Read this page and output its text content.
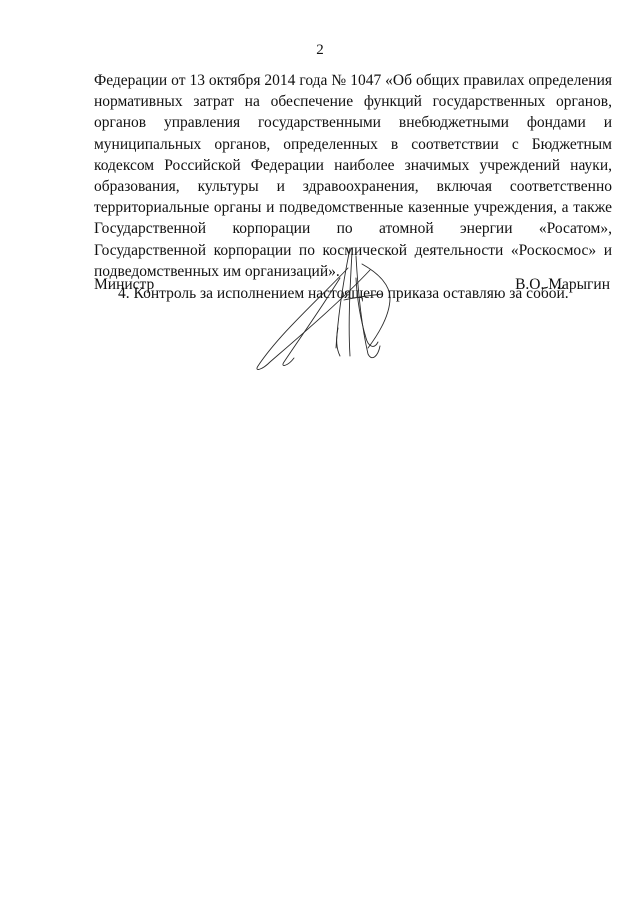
2

Федерации от 13 октября 2014 года № 1047 «Об общих правилах определения нормативных затрат на обеспечение функций государственных органов, органов управления государственными внебюджетными фондами и муниципальных органов, определенных в соответствии с Бюджетным кодексом Российской Федерации наиболее значимых учреждений науки, образования, культуры и здравоохранения, включая соответственно территориальные органы и подведомственные казенные учреждения, а также Государственной корпорации по атомной энергии «Росатом», Государственной корпорации по космической деятельности «Роскосмос» и подведомственных им организаций».

4. Контроль за исполнением настоящего приказа оставляю за собой.

Министр	В.О. Марыгин
